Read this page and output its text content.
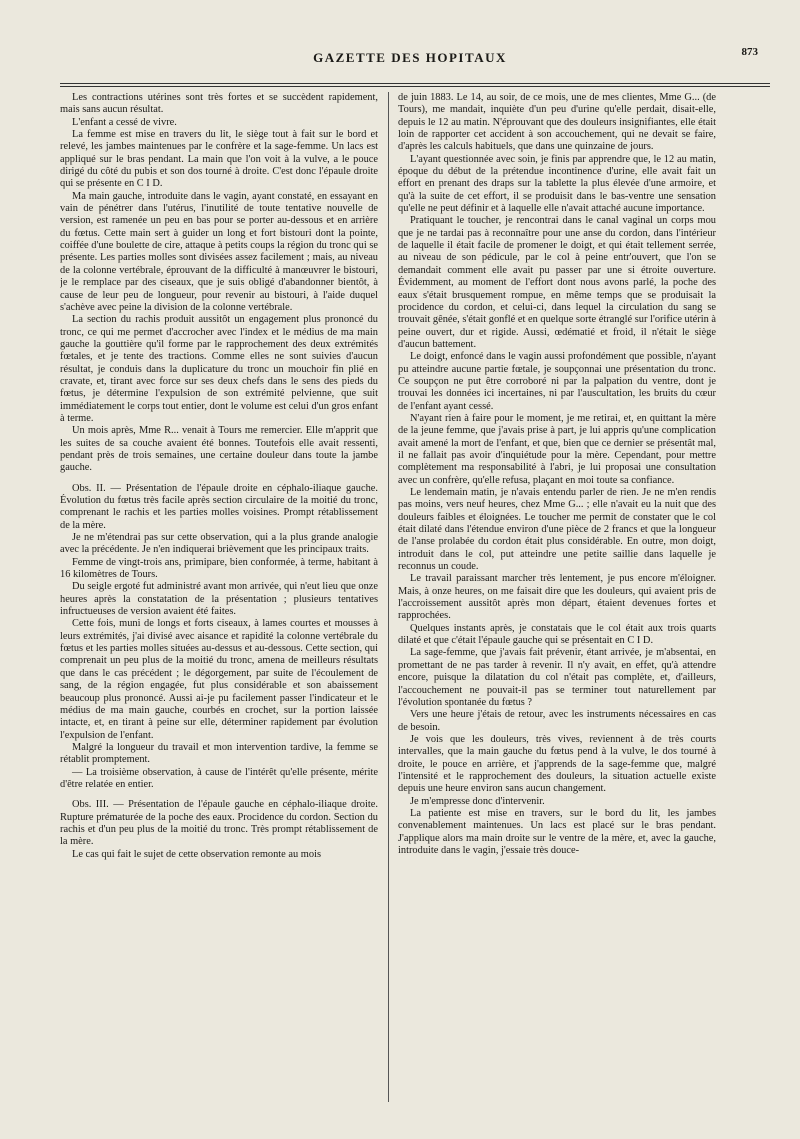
GAZETTE DES HOPITAUX	873

Les contractions utérines sont très fortes et se succèdent rapidement, mais sans aucun résultat.

L'enfant a cessé de vivre.

La femme est mise en travers du lit, le siège tout à fait sur le bord et relevé, les jambes maintenues par le confrère et la sage-femme. Un lacs est appliqué sur le bras pendant. La main que l'on voit à la vulve, a le pouce dirigé du côté du pubis et son dos tourné à droite. C'est donc l'épaule droite qui se présente en C I D.

Ma main gauche, introduite dans le vagin, ayant constaté, en essayant en vain de pénétrer dans l'utérus, l'inutilité de toute tentative nouvelle de version, est ramenée un peu en bas pour se porter au-dessous et en arrière du fœtus. Cette main sert à guider un long et fort bistouri dont la pointe, coiffée d'une boulette de cire, attaque à petits coups la région du tronc qui se présente. Les parties molles sont divisées assez facilement ; mais, au niveau de la colonne vertébrale, éprouvant de la difficulté à manœuvrer le bistouri, je le remplace par des ciseaux, que je suis obligé d'abandonner bientôt, à cause de leur peu de longueur, pour revenir au bistouri, à l'aide duquel s'achève avec peine la division de la colonne vertébrale.

La section du rachis produit aussitôt un engagement plus prononcé du tronc, ce qui me permet d'accrocher avec l'index et le médius de ma main gauche la gouttière qu'il forme par le rapprochement des deux extrémités fœtales, et je tente des tractions. Comme elles ne sont suivies d'aucun résultat, je conduis dans la duplicature du tronc un mouchoir fin plié en cravate, et, tirant avec force sur ses deux chefs dans le sens des pieds du fœtus, je détermine l'expulsion de son extrémité pelvienne, que suit immédiatement le corps tout entier, dont le volume est celui d'un gros enfant à terme.

Un mois après, Mme R... venait à Tours me remercier. Elle m'apprit que les suites de sa couche avaient été bonnes. Toutefois elle avait ressenti, pendant près de trois semaines, une certaine douleur dans toute la jambe gauche.

Obs. II. — Présentation de l'épaule droite en céphalo-iliaque gauche. Évolution du fœtus très facile après section circulaire de la moitié du tronc, comprenant le rachis et les parties molles voisines. Prompt rétablissement de la mère.

Je ne m'étendrai pas sur cette observation, qui a la plus grande analogie avec la précédente. Je n'en indiquerai brièvement que les principaux traits.

Femme de vingt-trois ans, primipare, bien conformée, à terme, habitant à 16 kilomètres de Tours.

Du seigle ergoté fut administré avant mon arrivée, qui n'eut lieu que onze heures après la constatation de la présentation ; plusieurs tentatives infructueuses de version avaient été faites.

Cette fois, muni de longs et forts ciseaux, à lames courtes et mousses à leurs extrémités, j'ai divisé avec aisance et rapidité la colonne vertébrale du fœtus et les parties molles situées au-dessus et au-dessous. Cette section, qui comprenait un peu plus de la moitié du tronc, amena de meilleurs résultats que dans le cas précédent ; le dégorgement, par suite de l'écoulement de sang, de la région engagée, fut plus considérable et son abaissement beaucoup plus prononcé. Aussi ai-je pu facilement passer l'indicateur et le médius de ma main gauche, courbés en crochet, sur la portion laissée intacte, et, en tirant à peine sur elle, déterminer rapidement par évolution l'expulsion de l'enfant.

Malgré la longueur du travail et mon intervention tardive, la femme se rétablit promptement.

— La troisième observation, à cause de l'intérêt qu'elle présente, mérite d'être relatée en entier.

Obs. III. — Présentation de l'épaule gauche en céphalo-iliaque droite. Rupture prématurée de la poche des eaux. Procidence du cordon. Section du rachis et d'un peu plus de la moitié du tronc. Très prompt rétablissement de la mère.

Le cas qui fait le sujet de cette observation remonte au mois

de juin 1883. Le 14, au soir, de ce mois, une de mes clientes, Mme G... (de Tours), me mandait, inquiète d'un peu d'urine qu'elle perdait, disait-elle, depuis le 12 au matin. N'éprouvant que des douleurs insignifiantes, elle était loin de rapporter cet accident à son accouchement, qui ne devait se faire, d'après les calculs habituels, que dans une quinzaine de jours.

L'ayant questionnée avec soin, je finis par apprendre que, le 12 au matin, époque du début de la prétendue incontinence d'urine, elle avait fait un effort en prenant des draps sur la tablette la plus élevée d'une armoire, et qu'à la suite de cet effort, il se produisit dans le bas-ventre une sensation qu'elle ne peut définir et à laquelle elle n'avait attaché aucune importance.

Pratiquant le toucher, je rencontrai dans le canal vaginal un corps mou que je ne tardai pas à reconnaître pour une anse du cordon, dans l'intérieur de laquelle il était facile de promener le doigt, et qui était tellement serrée, au niveau de son pédicule, par le col à peine entr'ouvert, que l'on se demandait comment elle avait pu passer par une si étroite ouverture. Évidemment, au moment de l'effort dont nous avons parlé, la poche des eaux s'était brusquement rompue, en même temps que se produisait la procidence du cordon, et celui-ci, dans lequel la circulation du sang se trouvait gênée, s'était gonflé et en quelque sorte étranglé sur l'orifice utérin à peine ouvert, dur et rigide. Aussi, œdématié et froid, il n'était le siège d'aucun battement.

Le doigt, enfoncé dans le vagin aussi profondément que possible, n'ayant pu atteindre aucune partie fœtale, je soupçonnai une présentation du tronc. Ce soupçon ne put être corroboré ni par la palpation du ventre, dont je trouvai les données ici incertaines, ni par l'auscultation, les bruits du cœur de l'enfant ayant cessé.

N'ayant rien à faire pour le moment, je me retirai, et, en quittant la mère de la jeune femme, que j'avais prise à part, je lui appris qu'une complication avait amené la mort de l'enfant, et que, bien que ce dernier se présentât mal, il ne fallait pas avoir d'inquiétude pour la mère. Cependant, pour mettre complètement ma responsabilité à l'abri, je lui proposai une consultation avec un confrère, qu'elle refusa, plaçant en moi toute sa confiance.

Le lendemain matin, je n'avais entendu parler de rien. Je ne m'en rendis pas moins, vers neuf heures, chez Mme G... ; elle n'avait eu la nuit que des douleurs faibles et éloignées. Le toucher me permit de constater que le col était dilaté dans l'étendue environ d'une pièce de 2 francs et que la longueur de l'anse prolabée du cordon était plus considérable. En outre, mon doigt, introduit dans le col, put atteindre une petite saillie dans laquelle je reconnus un coude.

Le travail paraissant marcher très lentement, je pus encore m'éloigner. Mais, à onze heures, on me faisait dire que les douleurs, qui avaient pris de l'accroissement aussitôt après mon départ, étaient devenues fortes et rapprochées.

Quelques instants après, je constatais que le col était aux trois quarts dilaté et que c'était l'épaule gauche qui se présentait en C I D.

La sage-femme, que j'avais fait prévenir, étant arrivée, je m'absentai, en promettant de ne pas tarder à revenir. Il n'y avait, en effet, qu'à attendre encore, puisque la dilatation du col n'était pas complète, et, d'ailleurs, l'accouchement ne pouvait-il pas se terminer tout naturellement par l'évolution spontanée du fœtus ?

Vers une heure j'étais de retour, avec les instruments nécessaires en cas de besoin.

Je vois que les douleurs, très vives, reviennent à de très courts intervalles, que la main gauche du fœtus pend à la vulve, le dos tourné à droite, le pouce en arrière, et j'apprends de la sage-femme que, malgré l'intensité et le rapprochement des douleurs, la situation actuelle existe depuis une heure environ sans aucun changement.

Je m'empresse donc d'intervenir.

La patiente est mise en travers, sur le bord du lit, les jambes convenablement maintenues. Un lacs est placé sur le bras pendant. J'applique alors ma main droite sur le ventre de la mère, et, avec la gauche, introduite dans le vagin, j'essaie très douce-
